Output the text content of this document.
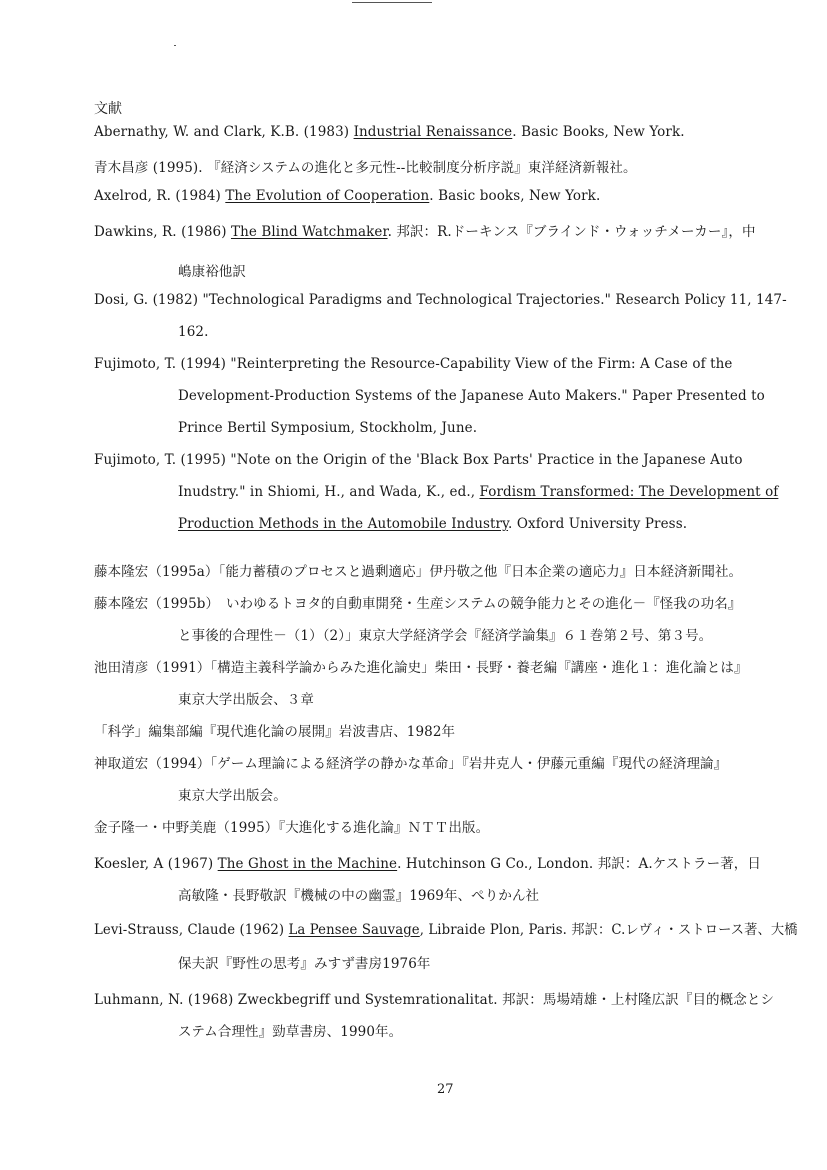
文献
Abernathy, W. and Clark, K.B. (1983) Industrial Renaissance. Basic Books, New York.
青木昌彦 (1995). 『経済システムの進化と多元性--比較制度分析序説』東洋経済新報社。
Axelrod, R. (1984) The Evolution of Cooperation. Basic books, New York.
Dawkins, R. (1986) The Blind Watchmaker. 邦訳：R.ドーキンス『ブラインド・ウォッチメーカー』，中
嶋康裕他訳
Dosi, G. (1982) "Technological Paradigms and Technological Trajectories." Research Policy 11, 147-
162.
Fujimoto, T. (1994) "Reinterpreting the Resource-Capability View of the Firm: A Case of the
Development-Production Systems of the Japanese Auto Makers." Paper Presented to
Prince Bertil Symposium, Stockholm, June.
Fujimoto, T. (1995) "Note on the Origin of the 'Black Box Parts' Practice in the Japanese Auto
Inudstry." in Shiomi, H., and Wada, K., ed., Fordism Transformed: The Development of
Production Methods in the Automobile Industry. Oxford University Press.
藤本隆宏（1995a）「能力蓄積のプロセスと過剰適応」伊丹敬之他『日本企業の適応力』日本経済新聞社。
藤本隆宏（1995b）　いわゆるトヨタ的自動車開発・生産システムの競争能力とその進化－『怪我の功名』
と事後的合理性－（1）（2）」東京大学経済学会『経済学論集』６１巻第２号、第３号。
池田清彦（1991）「構造主義科学論からみた進化論史」柴田・長野・養老編『講座・進化１：進化論とは』
東京大学出版会、３章
「科学」編集部編『現代進化論の展開』岩波書店、1982年
神取道宏（1994）「ゲーム理論による経済学の静かな革命」『岩井克人・伊藤元重編『現代の経済理論』
東京大学出版会。
金子隆一・中野美鹿（1995）『大進化する進化論』ＮＴＴ出版。
Koesler, A (1967) The Ghost in the Machine. Hutchinson G Co., London. 邦訳：A.ケストラー著，日
高敏隆・長野敬訳『機械の中の幽霊』1969年、ぺりかん社
Levi-Strauss, Claude (1962) La Pensee Sauvage, Libraide Plon, Paris. 邦訳：C.レヴィ・ストロース著、大橋
保夫訳『野性の思考』みすず書房1976年
Luhmann, N. (1968) Zweckbegriff und Systemrationalitat. 邦訳：馬場靖雄・上村隆広訳『目的概念とシ
ステム合理性』勁草書房、1990年。
27
